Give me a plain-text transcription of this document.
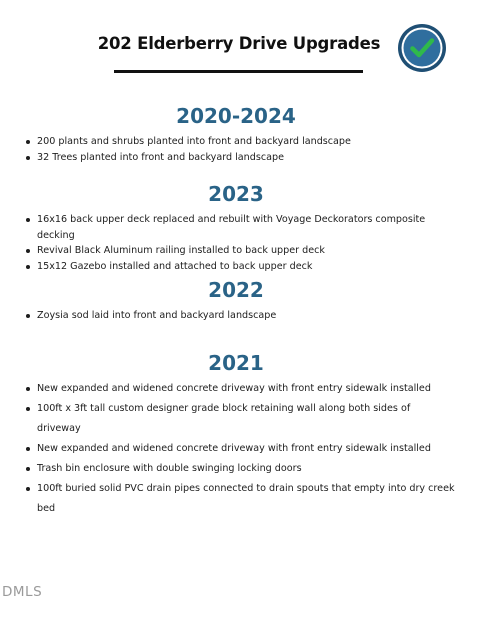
202 Elderberry Drive Upgrades
2020-2024
200 plants and shrubs planted into front and backyard landscape
32 Trees planted into front and backyard landscape
2023
16x16 back upper deck replaced and rebuilt with Voyage Deckorators composite decking
Revival Black Aluminum railing installed to back upper deck
15x12 Gazebo installed and attached to back upper deck
2022
Zoysia sod laid into front and backyard landscape
2021
New expanded and widened concrete driveway with front entry sidewalk installed
100ft x 3ft tall custom designer grade block retaining wall along both sides of driveway
New expanded and widened concrete driveway with front entry sidewalk installed
Trash bin enclosure with double swinging locking doors
100ft buried solid PVC drain pipes connected to drain spouts that empty into dry creek bed
DMLS
